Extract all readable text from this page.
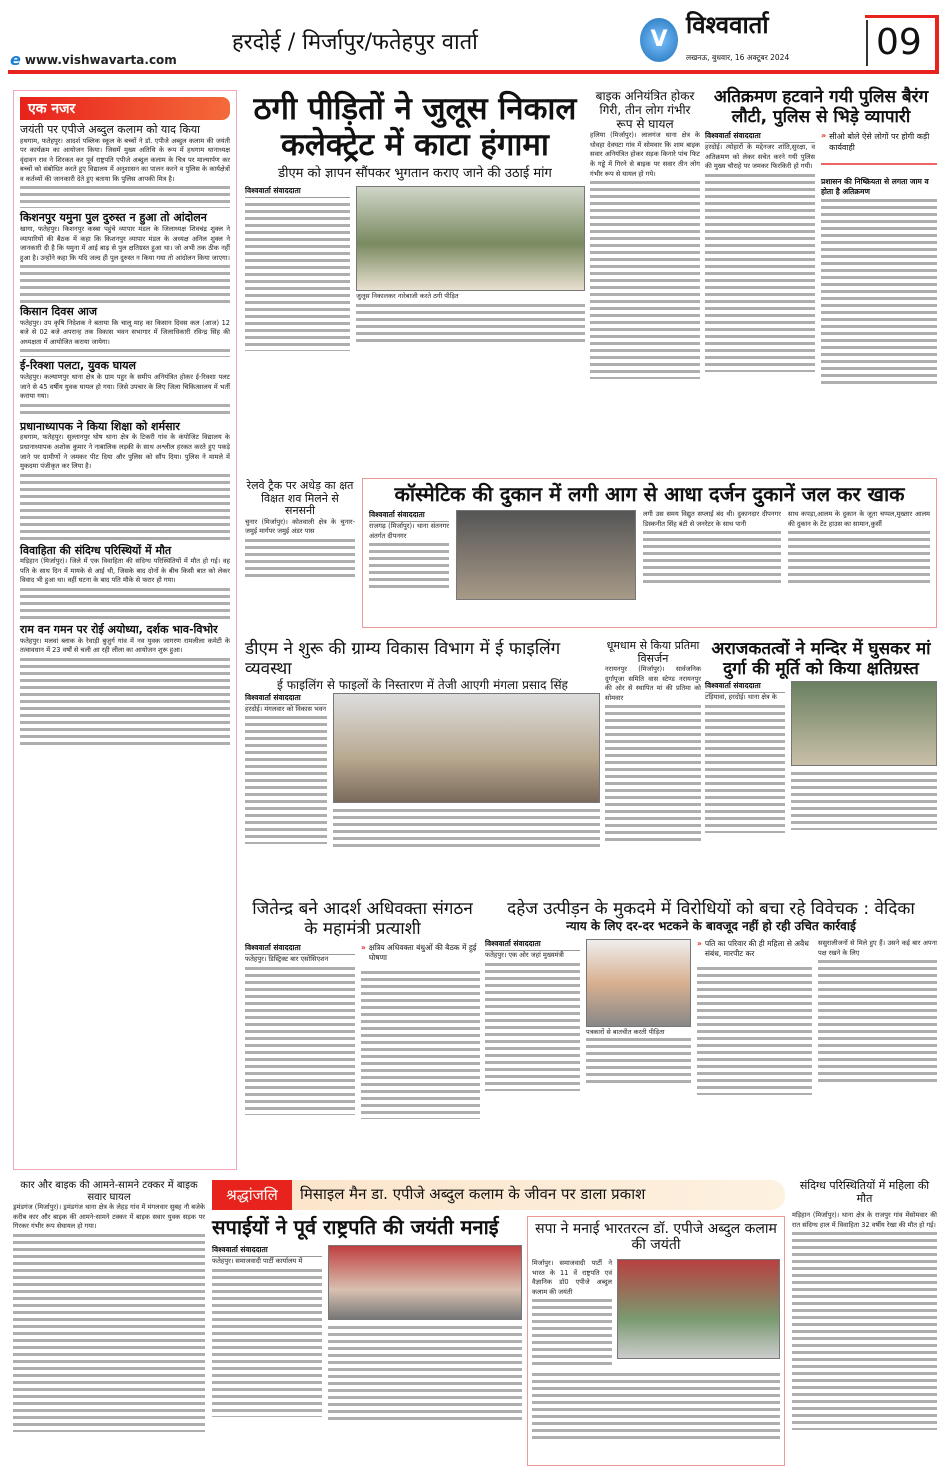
e www.vishwavarta.com
हरदोई / मिर्जापुर/फतेहपुर वार्ता	V
विश्ववार्ता
लखनऊ, बुधवार, 16 अक्टूबर 2024 09
एक नजर
जयंती पर एपीजे अब्दुल कलाम को याद किया

हथगाम, फतेहपुर। आदर्श पब्लिक स्कूल के बच्चों ने डॉ. एपीजे अब्दुल कलाम की जयंती पर कार्यक्रम का आयोजन किया। जिसमें मुख्य अतिथि के रूप में हथगाम थानाध्यक्ष वृंदावन राव ने शिरकत कर पूर्व राष्ट्रपति एपीजे अब्दुल कलाम के चित्र पर माल्यार्पण कर बच्चों को संबोधित करते हुए विद्यालय में अनुशासन का पालन करने व पुलिस के कार्यक्षेत्रों व कर्तव्यों की जानकारी देते हुए बताया कि पुलिस आपकी मित्र है।

किशनपुर यमुना पुल दुरुस्त न हुआ तो आंदोलन

खागा, फतेहपुर। किशनपुर कस्बा पहुंचे व्यापार मंडल के जिलाध्यक्ष शिवचंद्र शुक्ल ने व्यापारियों की बैठक में कहा कि किशनपुर व्यापार मंडल के अध्यक्ष अनिल शुक्ल ने जानकारी दी है कि यमुना में आई बाढ़ से पुल क्षतिग्रस्त हुआ था। जो अभी तक ठीक नहीं हुआ है। उन्होंने कहा कि यदि जल्द ही पुल दुरुस्त न किया गया तो आंदोलन किया जाएगा।

किसान दिवस आज

फतेहपुर। उप कृषि निदेशक ने बताया कि चालू माह का किसान दिवस कल (आज) 12 बजे से 02 बजे अपरान्ह तक विकास भवन सभागार में जिलाधिकारी रविन्द्र सिंह की अध्यक्षता में आयोजित कराया जायेगा।

ई-रिक्शा पलटा, युवक घायल

फतेहपुर। कल्याणपुर थाना क्षेत्र के ग्राम पहुर के समीप अनियंत्रित होकर ई-रिक्शा पलट जाने से 45 वर्षीय युवक घायल हो गया। जिसे उपचार के लिए जिला चिकित्सालय में भर्ती कराया गया।

प्रधानाध्यापक ने किया शिक्षा को शर्मसार

हथगाम, फतेहपुर। सुल्तानपुर घोष थाना क्षेत्र के टिकरी गांव के कंपोजिट विद्यालय के प्रधानाध्यापक अशोक कुमार ने नाबालिक लड़की के साथ अश्लील हरकत करते हुए पकड़े जाने पर ग्रामीणों ने जमकर पीट दिया और पुलिस को सौंप दिया। पुलिस ने मामले में मुकदमा पंजीकृत कर लिया है।

विवाहिता की संदिग्ध परिस्थियों में मौत

मड़िहान (मिर्जापुर)। जिले में एक विवाहिता की संदिग्ध परिस्थितियों में मौत हो गई। वह पति के साथ दिन में मायके से आई थी, जिसके बाद दोनों के बीच किसी बात को लेकर विवाद भी हुआ था। वहीं घटना के बाद पति मौके से फरार हो गया।

राम वन गमन पर रोई अयोध्या, दर्शक भाव-विभोर

फतेहपुर। मलवां ब्लाक के रेवाड़ी बुजुर्ग गांव में नव युवक जागरण रामलीला कमेटी के तत्वावधान में 23 वर्षों से चली आ रही लीला का आयोजन शुरू हुआ।

ठगी पीड़ितों ने जुलूस निकाल
कलेक्ट्रेट में काटा हंगामा
डीएम को ज्ञापन सौंपकर भुगतान कराए जाने की उठाई मांग
विश्ववार्ता संवाददाता
जुलूस निकालकर नारेबाजी करते ठगी पीड़ित
बाइक अनियंत्रित होकर गिरी, तीन लोग गंभीर रूप से घायल

हलिया (मिर्जापुर)। लालगंज थाना क्षेत्र के धोवहा देवघटा गांव में सोमवार कि शाम बाइक सवार अनियंत्रित होकर सड़क किनारे पांच फिट के गड्ढे में गिरने से बाइक पर सवार तीन लोग गंभीर रूप से घायल हो गये।

अतिक्रमण हटवाने गयी पुलिस बैरंग लौटी, पुलिस से भिड़े व्यापारी
विश्ववार्ता संवाददाता

हरदोई। त्योहारों के मद्देनजर शांति,सुरक्षा, व अतिक्रमण को लेकर सचेत करने गयी पुलिस की मुख्य चौराहे पर जमकर फिरकिरी हो गयी।

» सीओ बोले ऐसे लोगों पर होगी कड़ी कार्यवाही
प्रशासन की निष्क्रियता से लगता जाम व होता है अतिक्रमण
रेलवे ट्रैक पर अधेड़ का क्षत विक्षत शव मिलने से सनसनी

चुनार (मिर्जापुर)। कोतवाली क्षेत्र के चुनार-जमुई मार्गपर जमुई अंडर पास

कॉस्मेटिक की दुकान में लगी आग से आधा दर्जन दुकानें जल कर खाक
विश्ववार्ता संवाददाता

राजगढ़ (मिर्जापुर)। थाना संतनगर अंतर्गत दीपनगर

लगी उस समय विद्युत सप्लाई बंद थी। दुकानदार दीपनगर डिस्कनीत सिंह बंटी से जनरेटर के साथ पानी

साथ कपड़ा,आलम के दुकान के जूता चप्पल,मुख्तार आलम की दुकान के टेंट हाउस का सामान,कुर्सी

डीएम ने शुरू की ग्राम्य विकास विभाग में ई फाइलिंग व्यवस्था
ई फाइलिंग से फाइलों के निस्तारण में तेजी आएगी मंगला प्रसाद सिंह
विश्ववार्ता संवाददाता

हरदोई। मंगलवार को विकास भवन

धूमधाम से किया प्रतिमा विसर्जन

नरायनपुर (मिर्जापुर)। सार्वजनिक दुर्गापूजा समिति वास स्टेण्ड नरायनपुर की ओर से स्थापित मां की प्रतिमा को सोमवार

अराजकतत्वों ने मन्दिर में घुसकर मां दुर्गा की मूर्ति को किया क्षतिग्रस्त
विश्ववार्ता संवाददाता

टड़ियावां, हरदोई। थाना क्षेत्र के

जितेन्द्र बने आदर्श अधिवक्ता संगठन के महामंत्री प्रत्याशी
विश्ववार्ता संवाददाता

फतेहपुर। डिस्ट्रिक्ट बार एसोसिएशन

» क्षत्रिय अधिवक्ता बंधुओं की बैठक में हुई घोषणा
दहेज उत्पीड़न के मुकदमे में विरोधियों को बचा रहे विवेचक : वेदिका
न्याय के लिए दर-दर भटकने के बावजूद नहीं हो रही उचित कार्रवाई
विश्ववार्ता संवाददाता

फतेहपुर। एक ओर जहां मुख्यमंत्री

पत्रकारों से बातचीत करती पीड़िता
» पति का परिवार की ही महिला से अवैध संबंध, मारपीट कर

ससुरालीजनों से मिले हुए हैं। उसने कई बार अपना पक्ष रखने के लिए

कार और बाइक की आमने-सामने टक्कर में बाइक सवार घायल

ड्रमंडगंज (मिर्जापुर)। ड्रमंडगंज थाना क्षेत्र के लेहड़ गांव में मंगलवार सुबह नौ बजेके करीब कार और बाइक की आमने-सामने टक्कर में बाइक सवार युवक सड़क पर गिरकर गंभीर रूप सेघायल हो गया।

श्रद्धांजलि	मिसाइल मैन डा. एपीजे अब्दुल कलाम के जीवन पर डाला प्रकाश
सपाईयों ने पूर्व राष्ट्रपति की जयंती मनाई
विश्ववार्ता संवाददाता

फतेहपुर। समाजवादी पार्टी कार्यालय में

सपा ने मनाई भारतरत्न डॉ. एपीजे अब्दुल कलाम की जयंती

मिर्जापुर। समाजवादी पार्टी ने भारत के 11 वें राष्ट्रपति एवं वैज्ञानिक डॉ0 एपीजे अब्दुल कलाम की जयंती

संदिग्ध परिस्थितियों में महिला की मौत

मड़िहान (मिर्जापुर)। थाना क्षेत्र के राजपुर गांव मेंसोमवार की रात संदिग्ध हाल में विवाहिता 32 वर्षीय रेखा की मौत हो गई।
